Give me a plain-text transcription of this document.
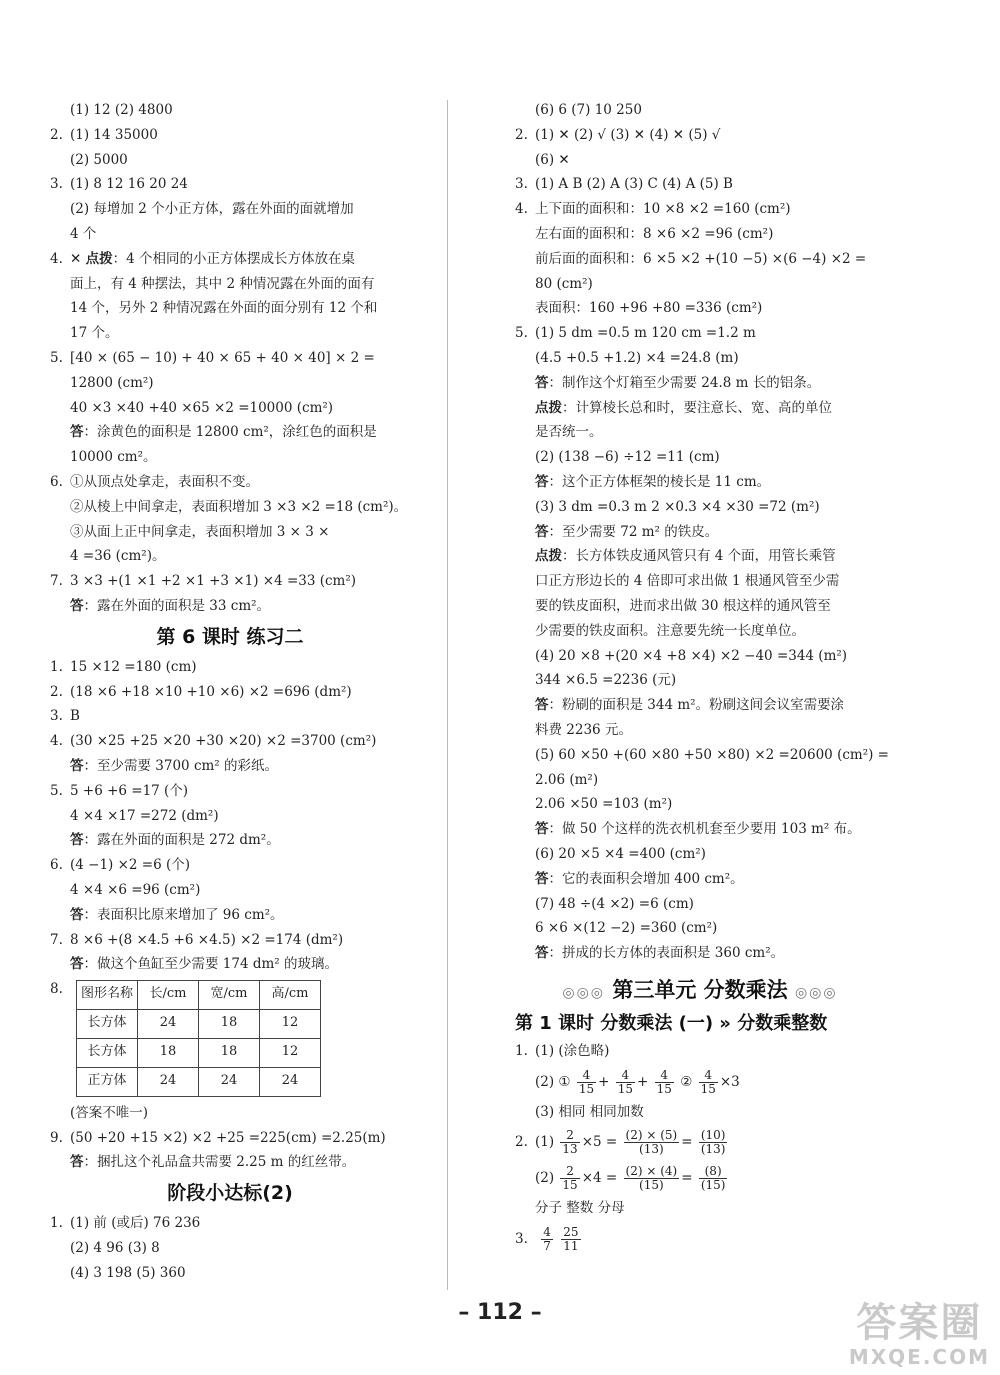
(1) 12 (2) 4800
2. (1) 14 35000
(2) 5000
3. (1) 8 12 16 20 24
(2) 每增加 2 个小正方体，露在外面的面就增加
4 个
4. ✕ 点拨：4 个相同的小正方体摆成长方体放在桌
面上，有 4 种摆法，其中 2 种情况露在外面的面有
14 个，另外 2 种情况露在外面的面分别有 12 个和
17 个。
5. [40 × (65 − 10) + 40 × 65 + 40 × 40] × 2 =
12800 (cm²)
40 ×3 ×40 +40 ×65 ×2 =10000 (cm²)
答：涂黄色的面积是 12800 cm²，涂红色的面积是
10000 cm²。
6. ①从顶点处拿走，表面积不变。
②从棱上中间拿走，表面积增加 3 ×3 ×2 =18 (cm²)。
③从面上正中间拿走，表面积增加 3 × 3 ×
4 =36 (cm²)。
7. 3 ×3 +(1 ×1 +2 ×1 +3 ×1) ×4 =33 (cm²)
答：露在外面的面积是 33 cm²。
第 6 课时 练习二
1. 15 ×12 =180 (cm)
2. (18 ×6 +18 ×10 +10 ×6) ×2 =696 (dm²)
3. B
4. (30 ×25 +25 ×20 +30 ×20) ×2 =3700 (cm²)
答：至少需要 3700 cm² 的彩纸。
5. 5 +6 +6 =17 (个)
4 ×4 ×17 =272 (dm²)
答：露在外面的面积是 272 dm²。
6. (4 −1) ×2 =6 (个)
4 ×4 ×6 =96 (cm²)
答：表面积比原来增加了 96 cm²。
7. 8 ×6 +(8 ×4.5 +6 ×4.5) ×2 =174 (dm²)
答：做这个鱼缸至少需要 174 dm² 的玻璃。
8.	图形名称	长/cm	宽/cm	高/cm
长方体	24	18	12
长方体	18	18	12
正方体	24	24	24
(答案不唯一)
9. (50 +20 +15 ×2) ×2 +25 =225(cm) =2.25(m)
答：捆扎这个礼品盒共需要 2.25 m 的红丝带。
阶段小达标(2)
1. (1) 前 (或后) 76 236
(2) 4 96 (3) 8
(4) 3 198 (5) 360
(6) 6 (7) 10 250
2. (1) ✕ (2) √ (3) ✕ (4) ✕ (5) √
(6) ✕
3. (1) A B (2) A (3) C (4) A (5) B
4. 上下面的面积和：10 ×8 ×2 =160 (cm²)
左右面的面积和：8 ×6 ×2 =96 (cm²)
前后面的面积和：6 ×5 ×2 +(10 −5) ×(6 −4) ×2 =
80 (cm²)
表面积：160 +96 +80 =336 (cm²)
5. (1) 5 dm =0.5 m 120 cm =1.2 m
(4.5 +0.5 +1.2) ×4 =24.8 (m)
答：制作这个灯箱至少需要 24.8 m 长的铝条。
点拨：计算棱长总和时，要注意长、宽、高的单位
是否统一。
(2) (138 −6) ÷12 =11 (cm)
答：这个正方体框架的棱长是 11 cm。
(3) 3 dm =0.3 m 2 ×0.3 ×4 ×30 =72 (m²)
答：至少需要 72 m² 的铁皮。
点拨：长方体铁皮通风管只有 4 个面，用管长乘管
口正方形边长的 4 倍即可求出做 1 根通风管至少需
要的铁皮面积，进而求出做 30 根这样的通风管至
少需要的铁皮面积。注意要先统一长度单位。
(4) 20 ×8 +(20 ×4 +8 ×4) ×2 −40 =344 (m²)
344 ×6.5 =2236 (元)
答：粉刷的面积是 344 m²。粉刷这间会议室需要涂
料费 2236 元。
(5) 60 ×50 +(60 ×80 +50 ×80) ×2 =20600 (cm²) =
2.06 (m²)
2.06 ×50 =103 (m²)
答：做 50 个这样的洗衣机机套至少要用 103 m² 布。
(6) 20 ×5 ×4 =400 (cm²)
答：它的表面积会增加 400 cm²。
(7) 48 ÷(4 ×2) =6 (cm)
6 ×6 ×(12 −2) =360 (cm²)
答：拼成的长方体的表面积是 360 cm²。
◎◎◎ 第三单元 分数乘法 ◎◎◎
第 1 课时 分数乘法 (一) » 分数乘整数
1. (1) (涂色略)
(2) ① $\frac{4}{15} + \frac{4}{15} + \frac{4}{15}$ ② $\frac{4}{15} \times 3$
(3) 相同 相同加数
2. $(1) \frac{2}{13} \times 5 = \frac{(2) \times (5)}{(13)} = \frac{(10)}{(13)}$
$(2) \frac{2}{15} \times 4 = \frac{(2) \times (4)}{(15)} = \frac{(8)}{(15)}$
分子 整数 分母
3. $\frac{4}{7}$
$\frac{25}{11}$
– 112 –	答案圈
MXQE.COM
